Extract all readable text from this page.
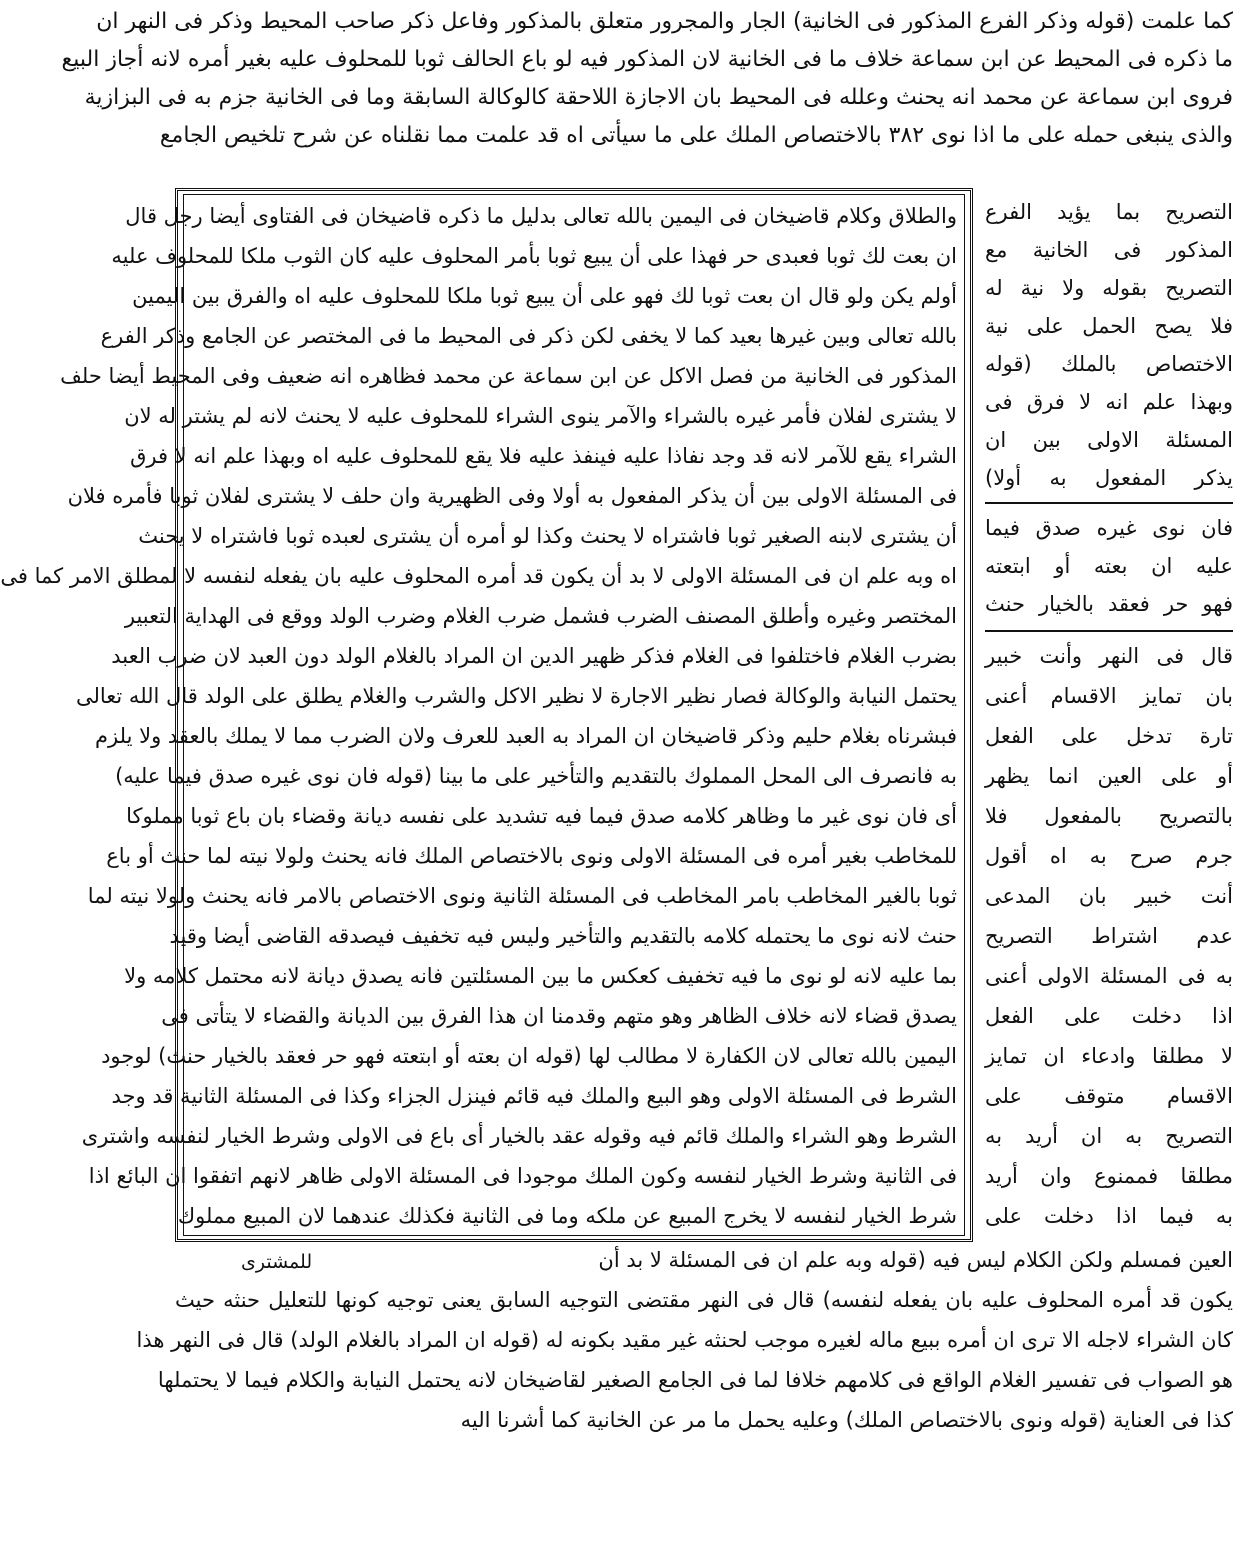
كما علمت (قوله وذكر الفرع المذكور فى الخانية) الجار والمجرور متعلق بالمذكور وفاعل ذكر صاحب المحيط وذكر فى النهر ان
ما ذكره فى المحيط عن ابن سماعة خلاف ما فى الخانية لان المذكور فيه لو باع الحالف ثوبا للمحلوف عليه بغير أمره لانه أجاز البيع
فروى ابن سماعة عن محمد انه يحنث وعلله فى المحيط بان الاجازة اللاحقة كالوكالة السابقة وما فى الخانية جزم به فى البزازية
والذى ينبغى حمله على ما اذا نوى ٣٨٢ بالاختصاص الملك على ما سيأتى اه قد علمت مما نقلناه عن شرح تلخيص الجامع
والطلاق وكلام قاضيخان فى اليمين بالله تعالى بدليل ما ذكره قاضيخان فى الفتاوى أيضا رجل قال
ان بعت لك ثوبا فعبدى حر فهذا على أن يبيع ثوبا بأمر المحلوف عليه كان الثوب ملكا للمحلوف عليه
أولم يكن ولو قال ان بعت ثوبا لك فهو على أن يبيع ثوبا ملكا للمحلوف عليه اه والفرق بين اليمين
بالله تعالى وبين غيرها بعيد كما لا يخفى لكن ذكر فى المحيط ما فى المختصر عن الجامع وذكر الفرع
المذكور فى الخانية من فصل الاكل عن ابن سماعة عن محمد فظاهره انه ضعيف وفى المحيط أيضا حلف
لا يشترى لفلان فأمر غيره بالشراء والآمر ينوى الشراء للمحلوف عليه لا يحنث لانه لم يشتر له لان
الشراء يقع للآمر لانه قد وجد نفاذا عليه فينفذ عليه فلا يقع للمحلوف عليه اه وبهذا علم انه لا فرق
فى المسئلة الاولى بين أن يذكر المفعول به أولا وفى الظهيرية وان حلف لا يشترى لفلان ثوبا فأمره فلان
أن يشترى لابنه الصغير ثوبا فاشتراه لا يحنث وكذا لو أمره أن يشترى لعبده ثوبا فاشتراه لا يحنث
اه وبه علم ان فى المسئلة الاولى لا بد أن يكون قد أمره المحلوف عليه بان يفعله لنفسه لا لمطلق الامر كما فى
المختصر وغيره وأطلق المصنف الضرب فشمل ضرب الغلام وضرب الولد ووقع فى الهداية التعبير
بضرب الغلام فاختلفوا فى الغلام فذكر ظهير الدين ان المراد بالغلام الولد دون العبد لان ضرب العبد
يحتمل النيابة والوكالة فصار نظير الاجارة لا نظير الاكل والشرب والغلام يطلق على الولد قال الله تعالى
فبشرناه بغلام حليم وذكر قاضيخان ان المراد به العبد للعرف ولان الضرب مما لا يملك بالعقد ولا يلزم
به فانصرف الى المحل المملوك بالتقديم والتأخير على ما بينا (قوله فان نوى غيره صدق فيما عليه)
أى فان نوى غير ما وظاهر كلامه صدق فيما فيه تشديد على نفسه ديانة وقضاء بان باع ثوبا مملوكا
للمخاطب بغير أمره فى المسئلة الاولى ونوى بالاختصاص الملك فانه يحنث ولولا نيته لما حنث أو باع
ثوبا بالغير المخاطب بامر المخاطب فى المسئلة الثانية ونوى الاختصاص بالامر فانه يحنث ولولا نيته لما
حنث لانه نوى ما يحتمله كلامه بالتقديم والتأخير وليس فيه تخفيف فيصدقه القاضى أيضا وقيد
بما عليه لانه لو نوى ما فيه تخفيف كعكس ما بين المسئلتين فانه يصدق ديانة لانه محتمل كلامه ولا
يصدق قضاء لانه خلاف الظاهر وهو متهم وقدمنا ان هذا الفرق بين الديانة والقضاء لا يتأتى فى
اليمين بالله تعالى لان الكفارة لا مطالب لها (قوله ان بعته أو ابتعته فهو حر فعقد بالخيار حنث) لوجود
الشرط فى المسئلة الاولى وهو البيع والملك فيه قائم فينزل الجزاء وكذا فى المسئلة الثانية قد وجد
الشرط وهو الشراء والملك قائم فيه وقوله عقد بالخيار أى باع فى الاولى وشرط الخيار لنفسه واشترى
فى الثانية وشرط الخيار لنفسه وكون الملك موجودا فى المسئلة الاولى ظاهر لانهم اتفقوا ان البائع اذا
شرط الخيار لنفسه لا يخرج المبيع عن ملكه وما فى الثانية فكذلك عندهما لان المبيع مملوك
التصريح بما يؤيد الفرع
المذكور فى الخانية مع
التصريح بقوله ولا نية له
فلا يصح الحمل على نية
الاختصاص بالملك (قوله
وبهذا علم انه لا فرق فى
المسئلة الاولى بين ان
يذكر المفعول به أولا)
فان نوى غيره صدق فيما
عليه ان بعته أو ابتعته
فهو حر فعقد بالخيار حنث
قال فى النهر وأنت خبير
بان تمايز الاقسام أعنى
تارة تدخل على الفعل
أو على العين انما يظهر
بالتصريح بالمفعول فلا
جرم صرح به اه أقول
أنت خبير بان المدعى
عدم اشتراط التصريح
به فى المسئلة الاولى أعنى
اذا دخلت على الفعل
لا مطلقا وادعاء ان تمايز
الاقسام متوقف على
التصريح به ان أريد به
مطلقا فممنوع وان أريد
به فيما اذا دخلت على
للمشترى	العين فمسلم ولكن الكلام ليس فيه (قوله وبه علم ان فى المسئلة لا بد أن
يكون قد أمره المحلوف عليه بان يفعله لنفسه) قال فى النهر مقتضى التوجيه السابق يعنى توجيه كونها للتعليل حنثه حيث
كان الشراء لاجله الا ترى ان أمره ببيع ماله لغيره موجب لحنثه غير مقيد بكونه له (قوله ان المراد بالغلام الولد) قال فى النهر هذا
هو الصواب فى تفسير الغلام الواقع فى كلامهم خلافا لما فى الجامع الصغير لقاضيخان لانه يحتمل النيابة والكلام فيما لا يحتملها
كذا فى العناية (قوله ونوى بالاختصاص الملك) وعليه يحمل ما مر عن الخانية كما أشرنا اليه
